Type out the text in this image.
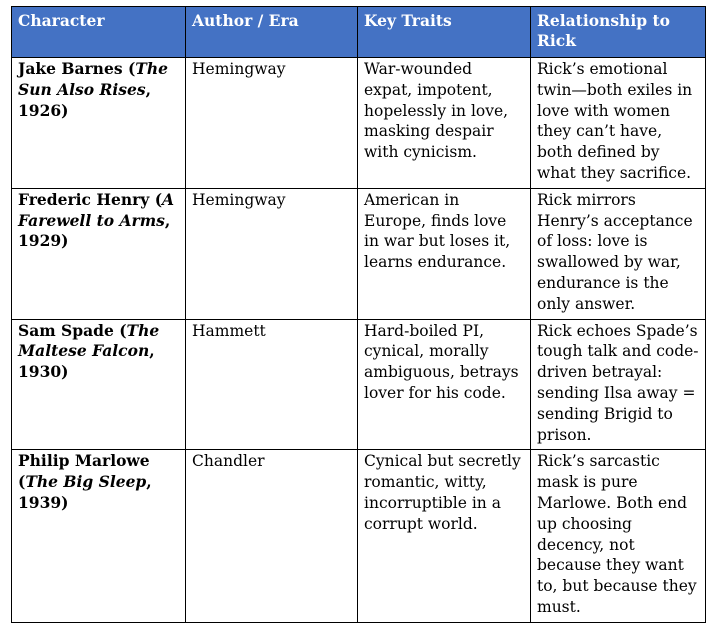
Character	Author / Era	Key Traits	Relationship to Rick
Jake Barnes (The Sun Also Rises, 1926)	Hemingway	War-wounded expat, impotent, hopelessly in love, masking despair with cynicism.	Rick’s emotional twin—both exiles in love with women they can’t have, both defined by what they sacrifice.
Frederic Henry (A Farewell to Arms, 1929)	Hemingway	American in Europe, finds love in war but loses it, learns endurance.	Rick mirrors Henry’s acceptance of loss: love is swallowed by war, endurance is the only answer.
Sam Spade (The Maltese Falcon, 1930)	Hammett	Hard-boiled PI, cynical, morally ambiguous, betrays lover for his code.	Rick echoes Spade’s tough talk and code-driven betrayal: sending Ilsa away = sending Brigid to prison.
Philip Marlowe (The Big Sleep, 1939)	Chandler	Cynical but secretly romantic, witty, incorruptible in a corrupt world.	Rick’s sarcastic mask is pure Marlowe. Both end up choosing decency, not because they want to, but because they must.
